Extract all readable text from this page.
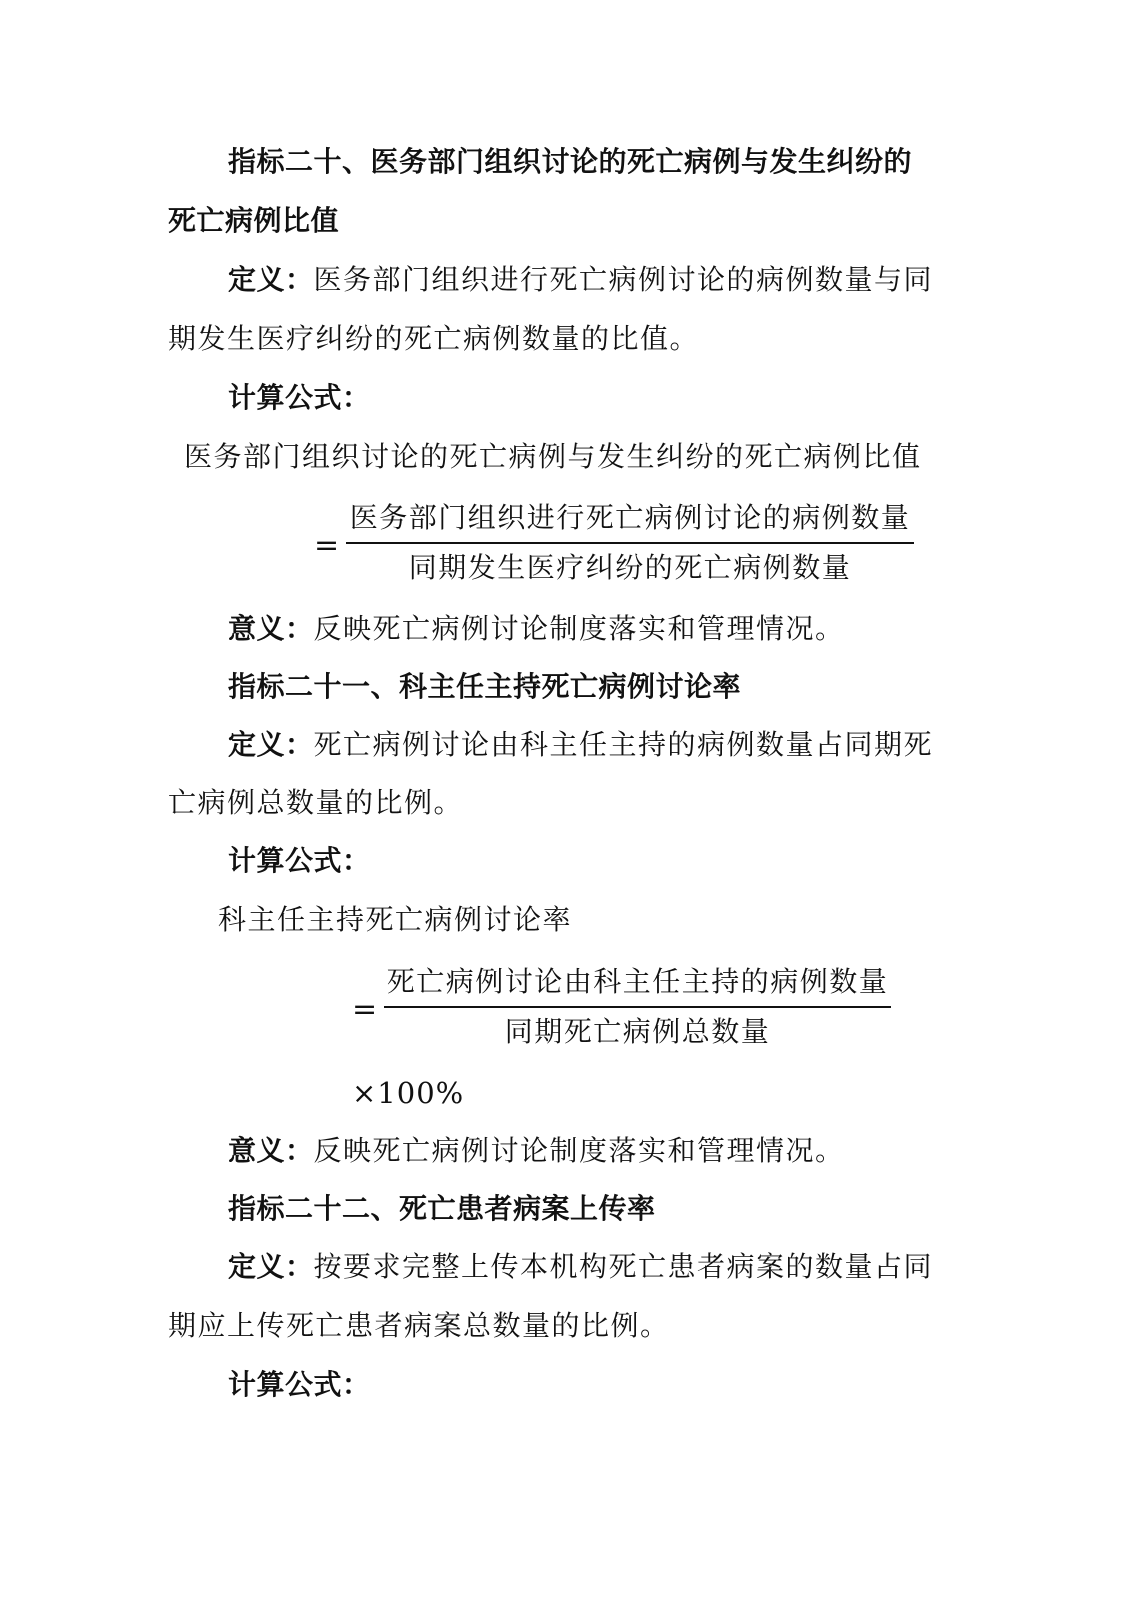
指标二十、医务部门组织讨论的死亡病例与发生纠纷的
死亡病例比值
定义：医务部门组织进行死亡病例讨论的病例数量与同
期发生医疗纠纷的死亡病例数量的比值。
计算公式：
医务部门组织讨论的死亡病例与发生纠纷的死亡病例比值
=
医务部门组织进行死亡病例讨论的病例数量
同期发生医疗纠纷的死亡病例数量
意义：反映死亡病例讨论制度落实和管理情况。
指标二十一、科主任主持死亡病例讨论率
定义：死亡病例讨论由科主任主持的病例数量占同期死
亡病例总数量的比例。
计算公式：
科主任主持死亡病例讨论率
=
死亡病例讨论由科主任主持的病例数量
同期死亡病例总数量
×100%
意义：反映死亡病例讨论制度落实和管理情况。
指标二十二、死亡患者病案上传率
定义：按要求完整上传本机构死亡患者病案的数量占同
期应上传死亡患者病案总数量的比例。
计算公式：
